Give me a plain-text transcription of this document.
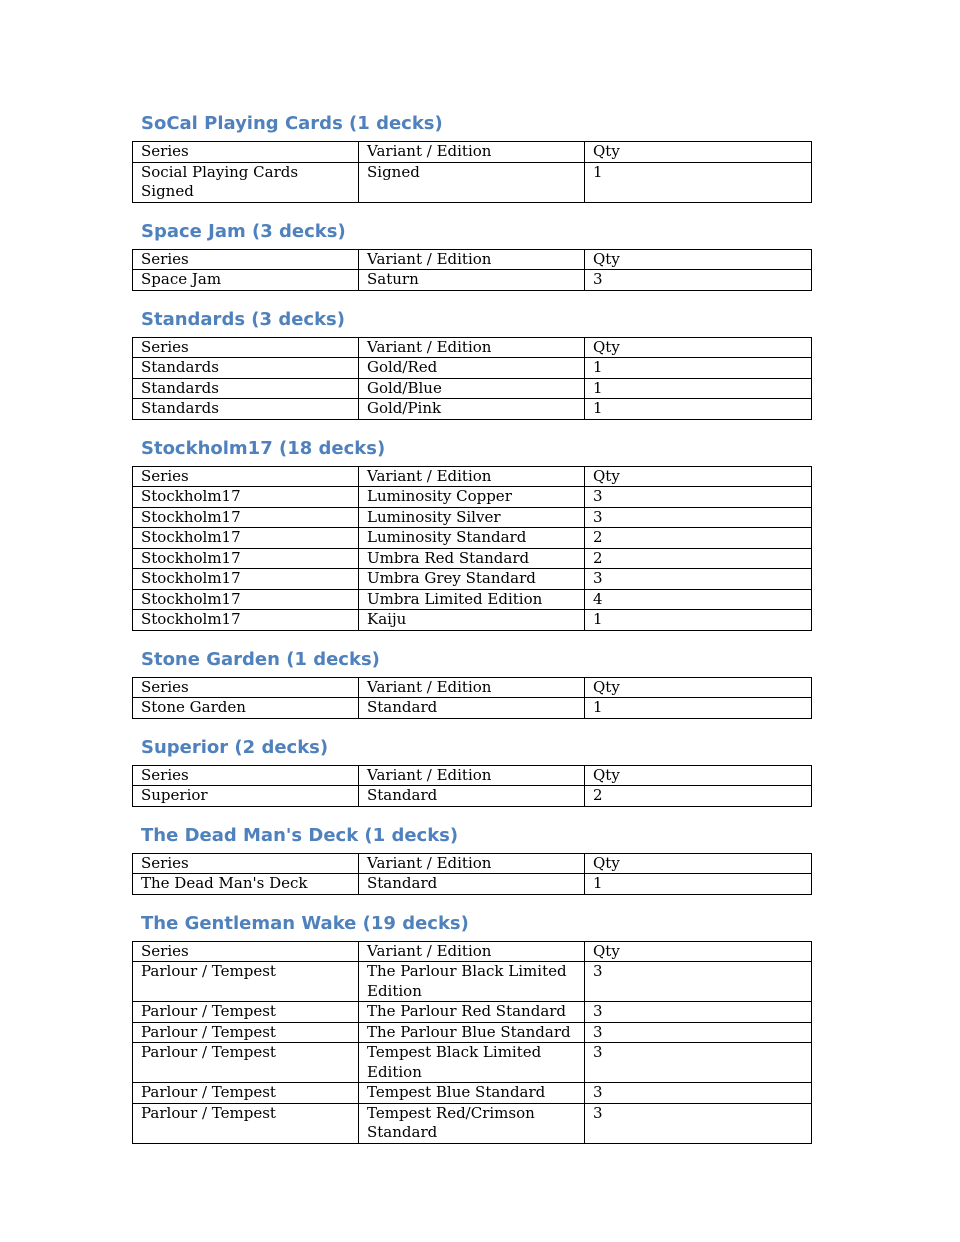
SoCal Playing Cards (1 decks)
Series	Variant / Edition	Qty
Social Playing Cards Signed	Signed	1
Space Jam (3 decks)
Series	Variant / Edition	Qty
Space Jam	Saturn	3
Standards (3 decks)
Series	Variant / Edition	Qty
Standards	Gold/Red	1
Standards	Gold/Blue	1
Standards	Gold/Pink	1
Stockholm17 (18 decks)
Series	Variant / Edition	Qty
Stockholm17	Luminosity Copper	3
Stockholm17	Luminosity Silver	3
Stockholm17	Luminosity Standard	2
Stockholm17	Umbra Red Standard	2
Stockholm17	Umbra Grey Standard	3
Stockholm17	Umbra Limited Edition	4
Stockholm17	Kaiju	1
Stone Garden (1 decks)
Series	Variant / Edition	Qty
Stone Garden	Standard	1
Superior (2 decks)
Series	Variant / Edition	Qty
Superior	Standard	2
The Dead Man's Deck (1 decks)
Series	Variant / Edition	Qty
The Dead Man's Deck	Standard	1
The Gentleman Wake (19 decks)
Series	Variant / Edition	Qty
Parlour / Tempest	The Parlour Black Limited Edition	3
Parlour / Tempest	The Parlour Red Standard	3
Parlour / Tempest	The Parlour Blue Standard	3
Parlour / Tempest	Tempest Black Limited Edition	3
Parlour / Tempest	Tempest Blue Standard	3
Parlour / Tempest	Tempest Red/Crimson Standard	3
